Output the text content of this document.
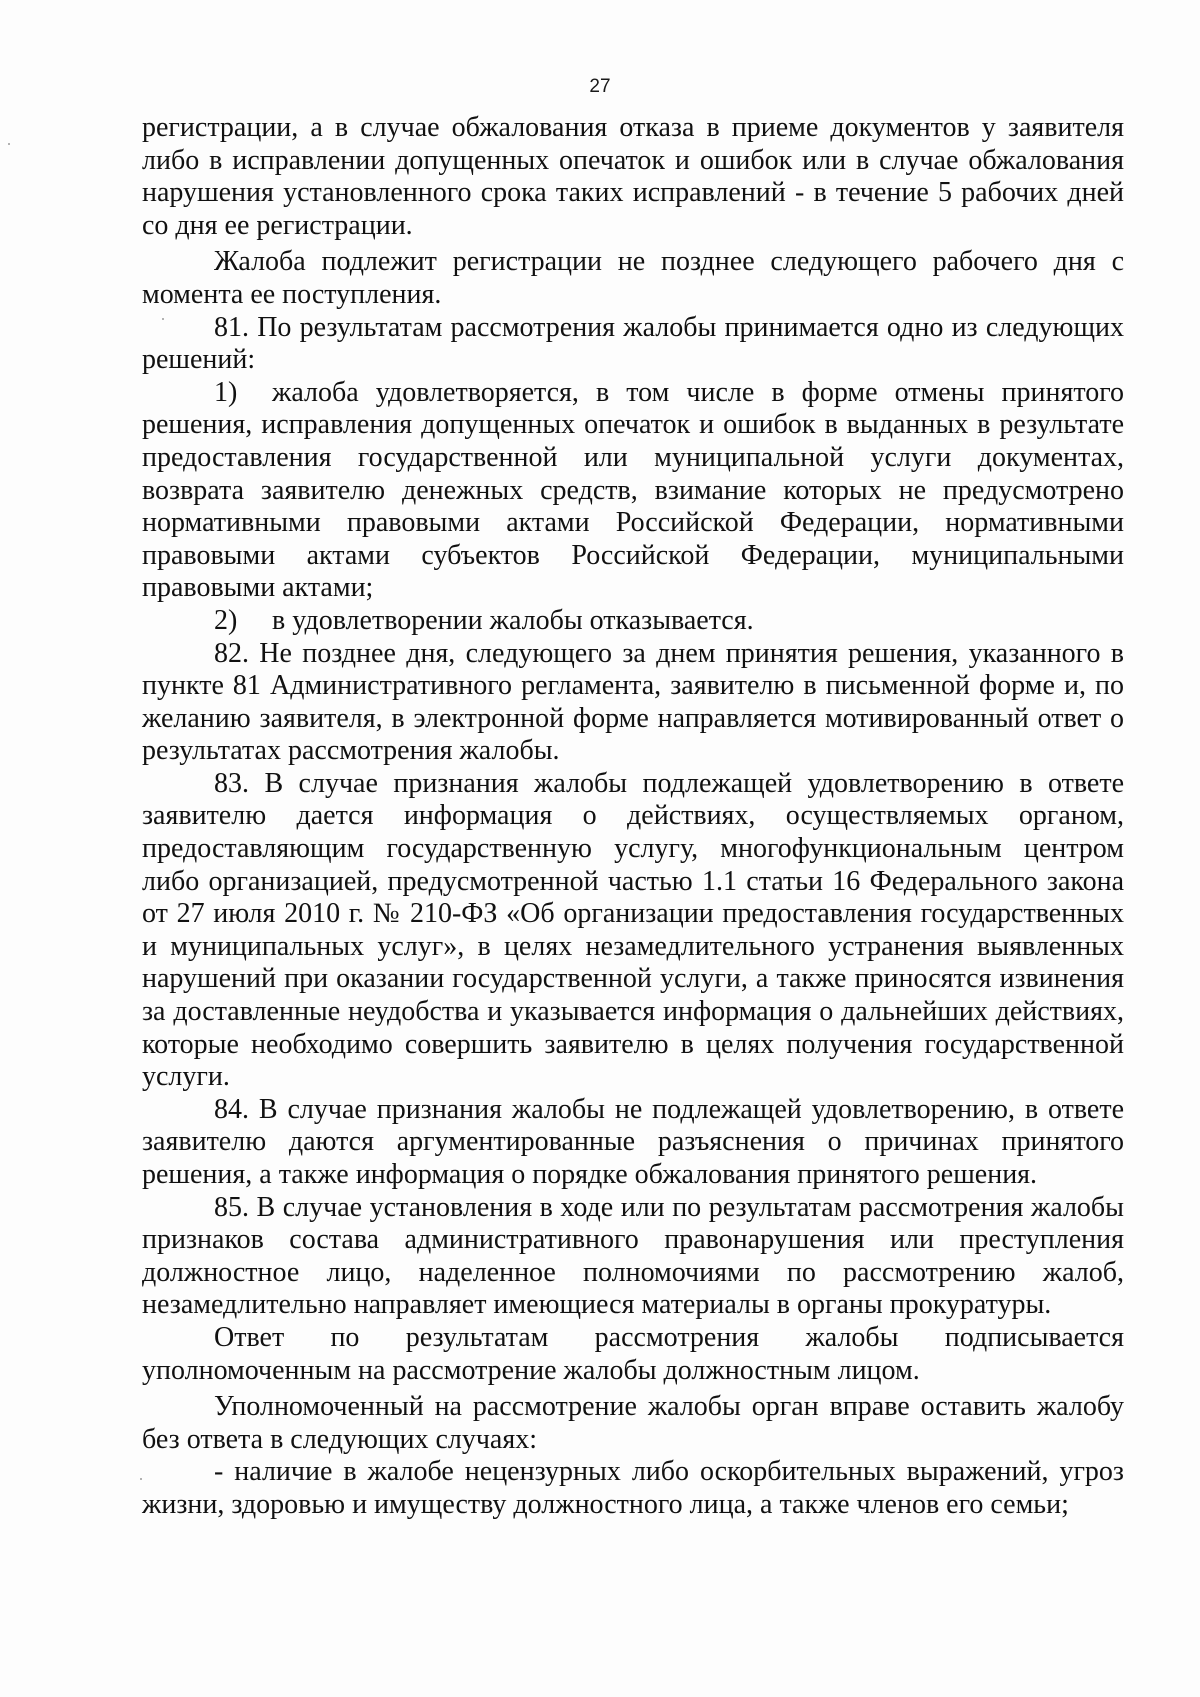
27

регистрации, а в случае обжалования отказа в приеме документов у заявителя либо в исправлении допущенных опечаток и ошибок или в случае обжалования нарушения установленного срока таких исправлений - в течение 5 рабочих дней со дня ее регистрации.

Жалоба подлежит регистрации не позднее следующего рабочего дня с момента ее поступления.

81. По результатам рассмотрения жалобы принимается одно из следующих решений:

1) жалоба удовлетворяется, в том числе в форме отмены принятого решения, исправления допущенных опечаток и ошибок в выданных в результате предоставления государственной или муниципальной услуги документах, возврата заявителю денежных средств, взимание которых не предусмотрено нормативными правовыми актами Российской Федерации, нормативными правовыми актами субъектов Российской Федерации, муниципальными правовыми актами;

2) в удовлетворении жалобы отказывается.

82. Не позднее дня, следующего за днем принятия решения, указанного в пункте 81 Административного регламента, заявителю в письменной форме и, по желанию заявителя, в электронной форме направляется мотивированный ответ о результатах рассмотрения жалобы.

83. В случае признания жалобы подлежащей удовлетворению в ответе заявителю дается информация о действиях, осуществляемых органом, предоставляющим государственную услугу, многофункциональным центром либо организацией, предусмотренной частью 1.1 статьи 16 Федерального закона от 27 июля 2010 г. № 210-ФЗ «Об организации предоставления государственных и муниципальных услуг», в целях незамедлительного устранения выявленных нарушений при оказании государственной услуги, а также приносятся извинения за доставленные неудобства и указывается информация о дальнейших действиях, которые необходимо совершить заявителю в целях получения государственной услуги.

84. В случае признания жалобы не подлежащей удовлетворению, в ответе заявителю даются аргументированные разъяснения о причинах принятого решения, а также информация о порядке обжалования принятого решения.

85. В случае установления в ходе или по результатам рассмотрения жалобы признаков состава административного правонарушения или преступления должностное лицо, наделенное полномочиями по рассмотрению жалоб, незамедлительно направляет имеющиеся материалы в органы прокуратуры.

Ответ по результатам рассмотрения жалобы подписывается уполномоченным на рассмотрение жалобы должностным лицом.

Уполномоченный на рассмотрение жалобы орган вправе оставить жалобу без ответа в следующих случаях:

- наличие в жалобе нецензурных либо оскорбительных выражений, угроз жизни, здоровью и имуществу должностного лица, а также членов его семьи;
